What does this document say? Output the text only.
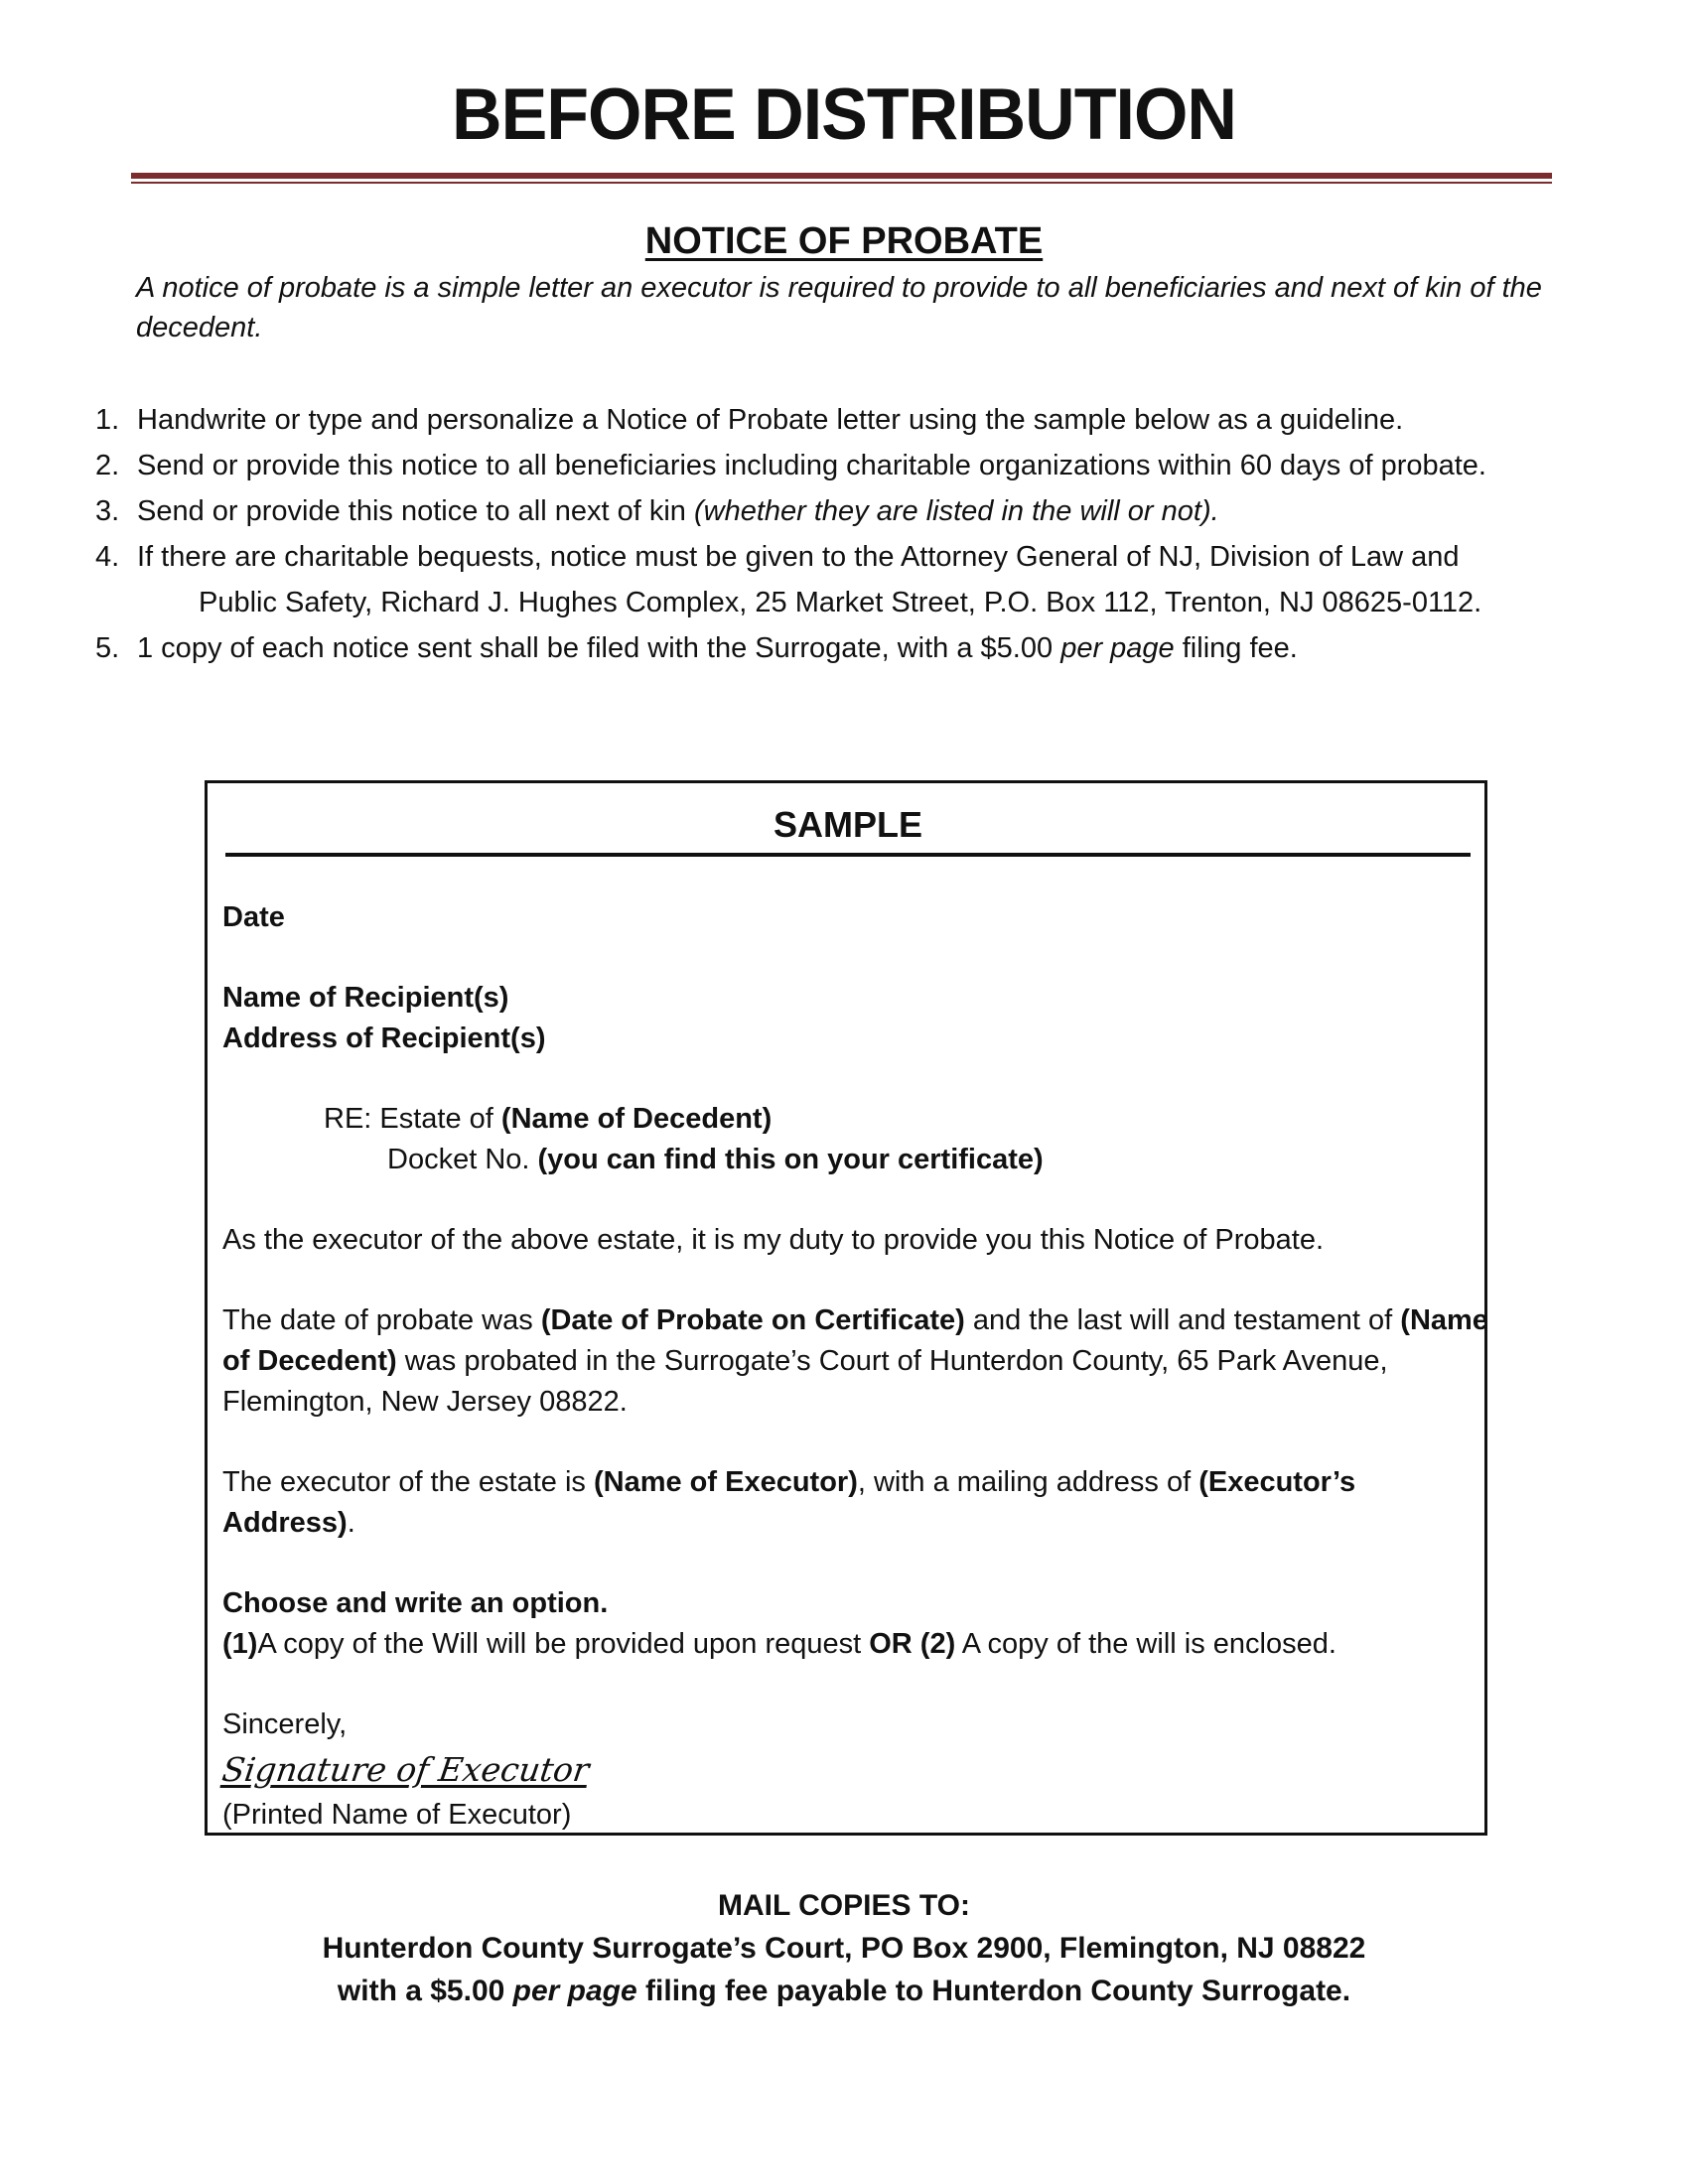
BEFORE DISTRIBUTION
NOTICE OF PROBATE
A notice of probate is a simple letter an executor is required to provide to all beneficiaries and next of kin of the decedent.
1. Handwrite or type and personalize a Notice of Probate letter using the sample below as a guideline.
2. Send or provide this notice to all beneficiaries including charitable organizations within 60 days of probate.
3. Send or provide this notice to all next of kin (whether they are listed in the will or not).
4. If there are charitable bequests, notice must be given to the Attorney General of NJ, Division of Law and
Public Safety, Richard J. Hughes Complex, 25 Market Street, P.O. Box 112, Trenton, NJ 08625-0112.
5. 1 copy of each notice sent shall be filed with the Surrogate, with a $5.00 per page filing fee.
SAMPLE

Date

Name of Recipient(s)

Address of Recipient(s)

RE: Estate of (Name of Decedent)

Docket No. (you can find this on your certificate)

As the executor of the above estate, it is my duty to provide you this Notice of Probate.

The date of probate was (Date of Probate on Certificate) and the last will and testament of (Name of Decedent) was probated in the Surrogate’s Court of Hunterdon County, 65 Park Avenue, Flemington, New Jersey 08822.

The executor of the estate is (Name of Executor), with a mailing address of (Executor’s Address).

Choose and write an option.

(1)A copy of the Will will be provided upon request OR (2) A copy of the will is enclosed.

Sincerely,

Signature of Executor

(Printed Name of Executor)

MAIL COPIES TO:
Hunterdon County Surrogate’s Court, PO Box 2900, Flemington, NJ 08822
with a $5.00 per page filing fee payable to Hunterdon County Surrogate.
